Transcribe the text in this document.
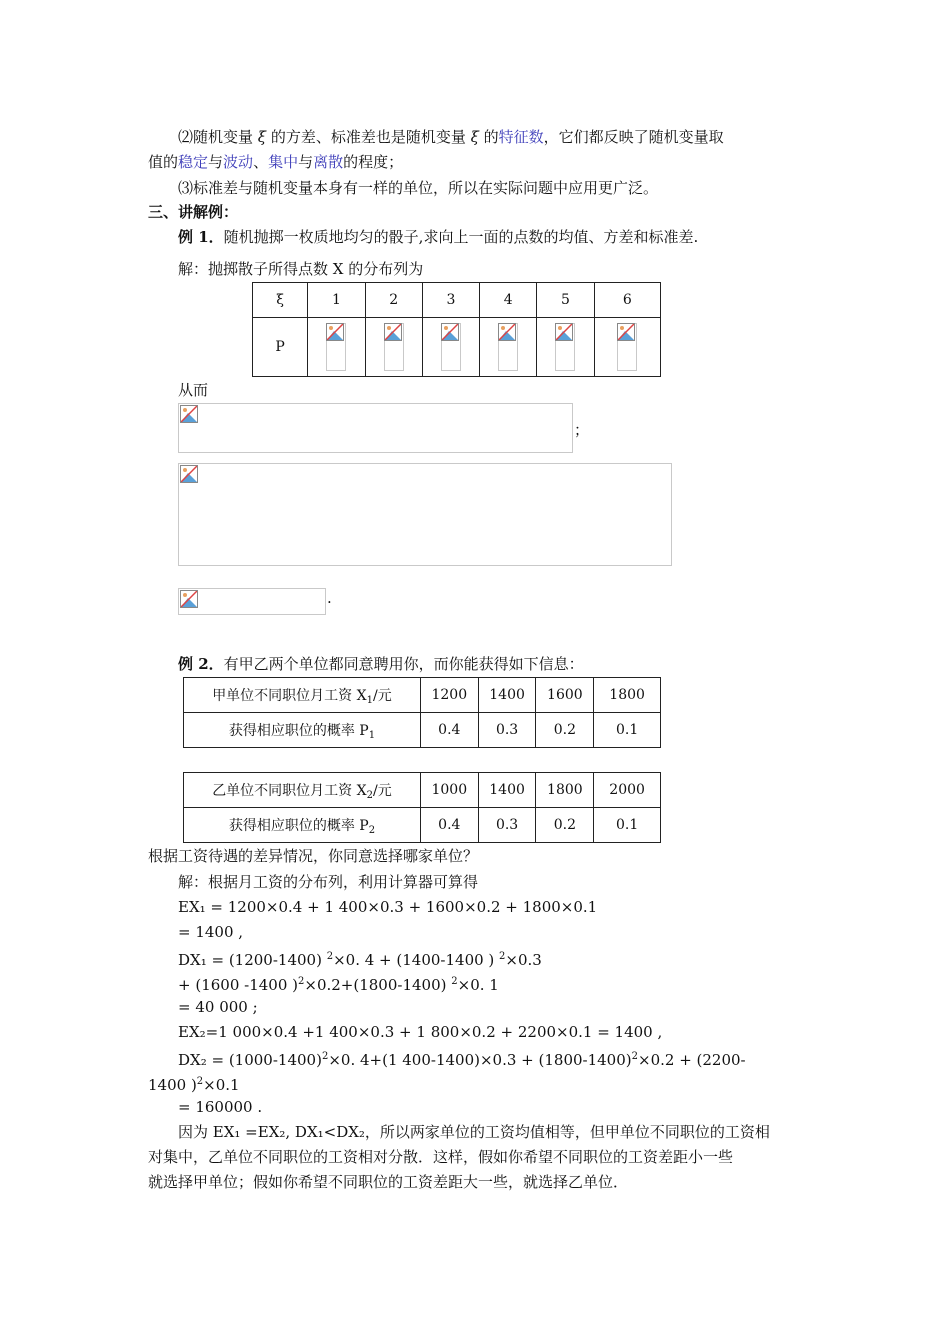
⑵随机变量 ξ 的方差、标准差也是随机变量 ξ 的特征数，它们都反映了随机变量取
值的稳定与波动、集中与离散的程度；
⑶标准差与随机变量本身有一样的单位，所以在实际问题中应用更广泛。
三、讲解例：
例 1．随机抛掷一枚质地均匀的骰子,求向上一面的点数的均值、方差和标准差.
解：抛掷散子所得点数 X 的分布列为
ξ	1	2	3	4	5	6
P	

从而
；
.
例 2．有甲乙两个单位都同意聘用你，而你能获得如下信息：
甲单位不同职位月工资 $X_1/$元	1200	1400	1600	1800
获得相应职位的概率 $P_1$	0.4	0.3	0.2	0.1
乙单位不同职位月工资 $X_2/$元	1000	1400	1800	2000
获得相应职位的概率 $P_2$	0.4	0.3	0.2	0.1
根据工资待遇的差异情况，你同意选择哪家单位？
解：根据月工资的分布列，利用计算器可算得
EX₁ = 1200×0.4 + 1 400×0.3 + 1600×0.2 + 1800×0.1
= 1400 ,
DX₁ = (1200-1400) $^2$×0. 4 + (1400-1400 ) $^2$×0.3
+ (1600 -1400 )$^2$×0.2+(1800-1400) $^2$×0. 1
= 40 000 ;
EX₂=1 000×0.4 +1 400×0.3 + 1 800×0.2 + 2200×0.1 = 1400 ,
DX₂ = (1000-1400)$^2$×0. 4+(1 400-1400)×0.3 + (1800-1400)$^2$×0.2 + (2200-
1400 )$^2$×0.1
= 160000 .
因为 EX₁ =EX₂, DX₁<DX₂，所以两家单位的工资均值相等，但甲单位不同职位的工资相
对集中，乙单位不同职位的工资相对分散．这样，假如你希望不同职位的工资差距小一些
就选择甲单位；假如你希望不同职位的工资差距大一些，就选择乙单位．
